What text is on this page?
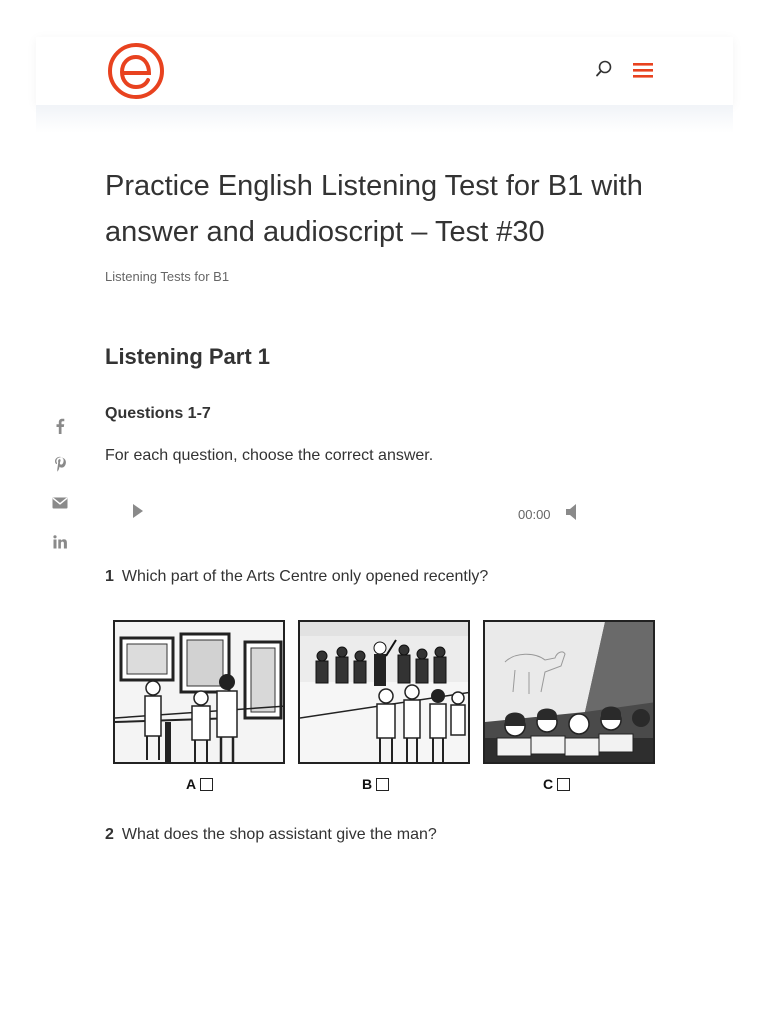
Practice English Listening Test for B1 with answer and audioscript – Test #30
Listening Tests for B1
Listening Part 1
Questions 1-7

For each question, choose the correct answer.

00:00

1 Which part of the Arts Centre only opened recently?

A	B	C

2 What does the shop assistant give the man?
